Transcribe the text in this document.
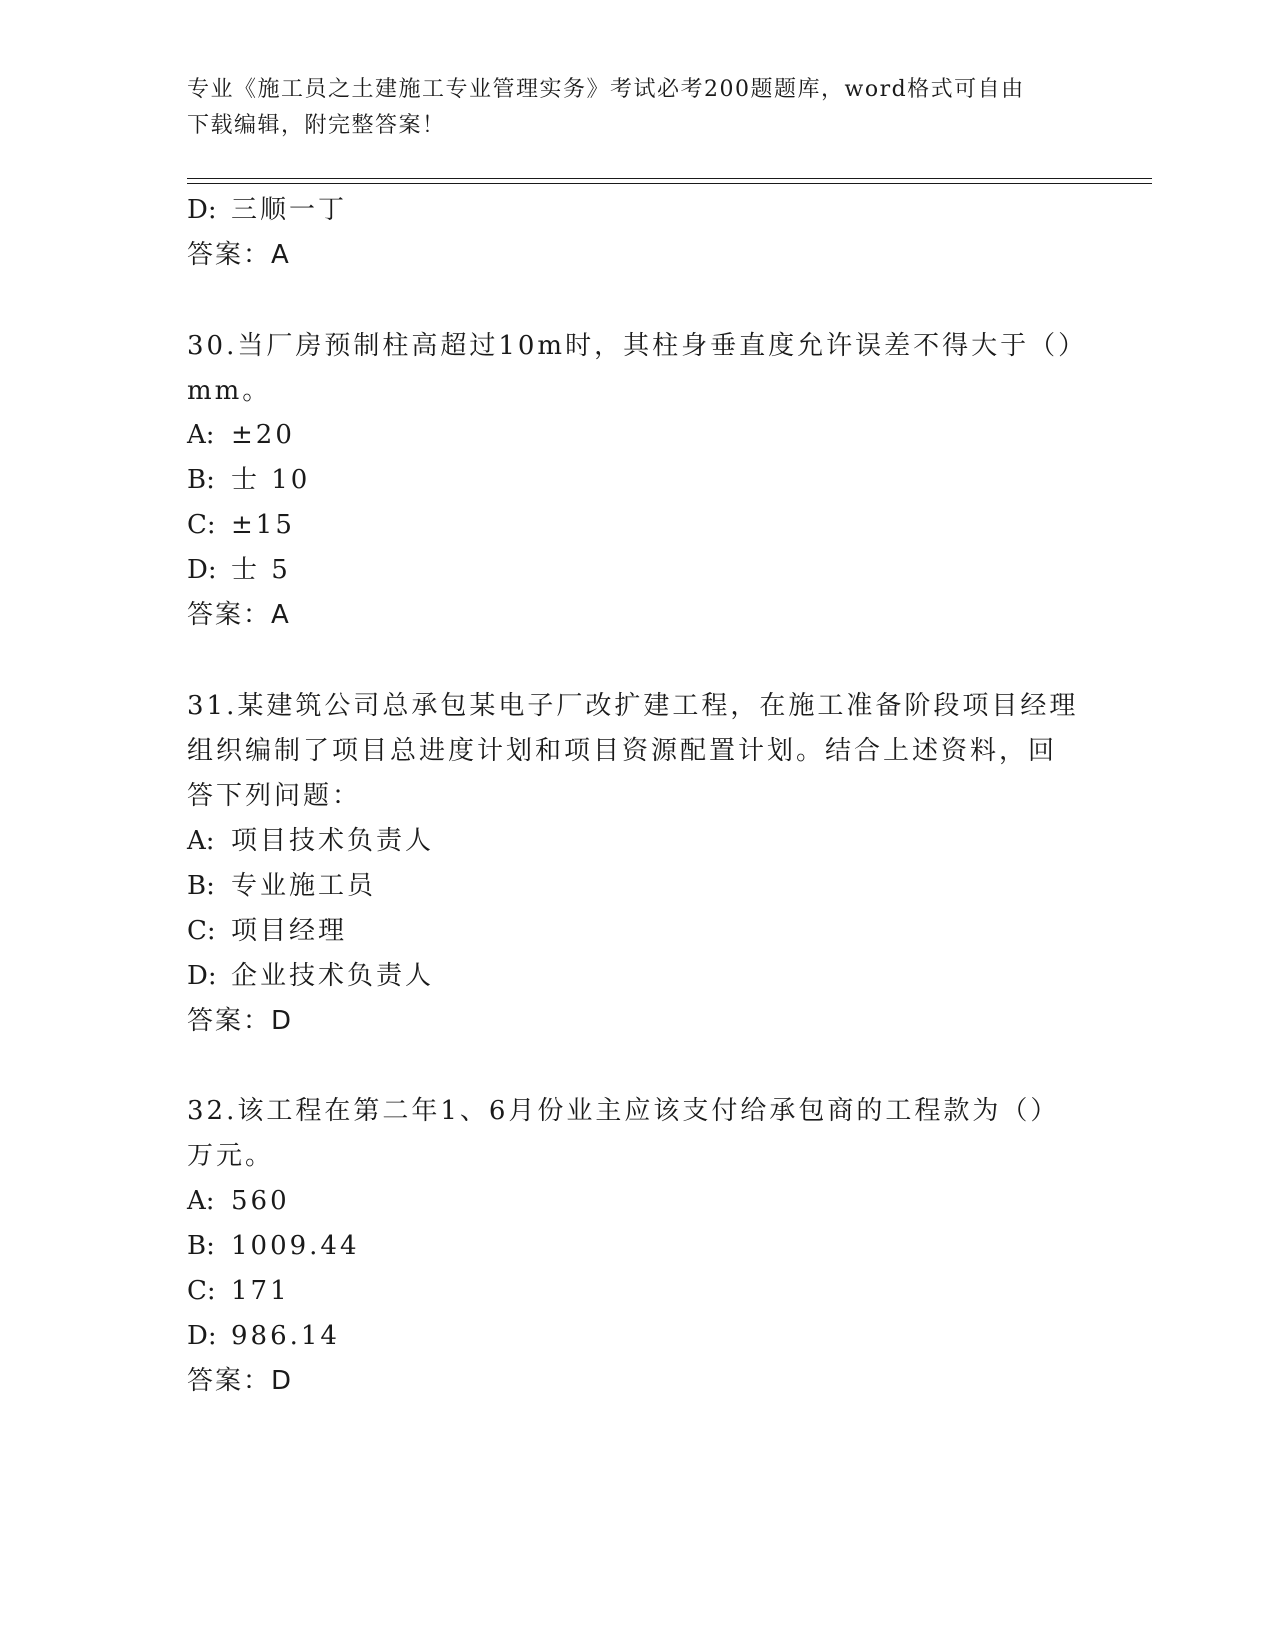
专业《施工员之土建施工专业管理实务》考试必考200题题库，word格式可自由
下载编辑，附完整答案！
D: 三顺一丁
答案：A
30.当厂房预制柱高超过10m时，其柱身垂直度允许误差不得大于（）
mm。
A: ±20
B: 士 10
C: ±15
D: 士 5
答案：A
31.某建筑公司总承包某电子厂改扩建工程，在施工准备阶段项目经理
组织编制了项目总进度计划和项目资源配置计划。结合上述资料，回
答下列问题：
A: 项目技术负责人
B: 专业施工员
C: 项目经理
D: 企业技术负责人
答案：D
32.该工程在第二年1、6月份业主应该支付给承包商的工程款为（）
万元。
A: 560
B: 1009.44
C: 171
D: 986.14
答案：D
